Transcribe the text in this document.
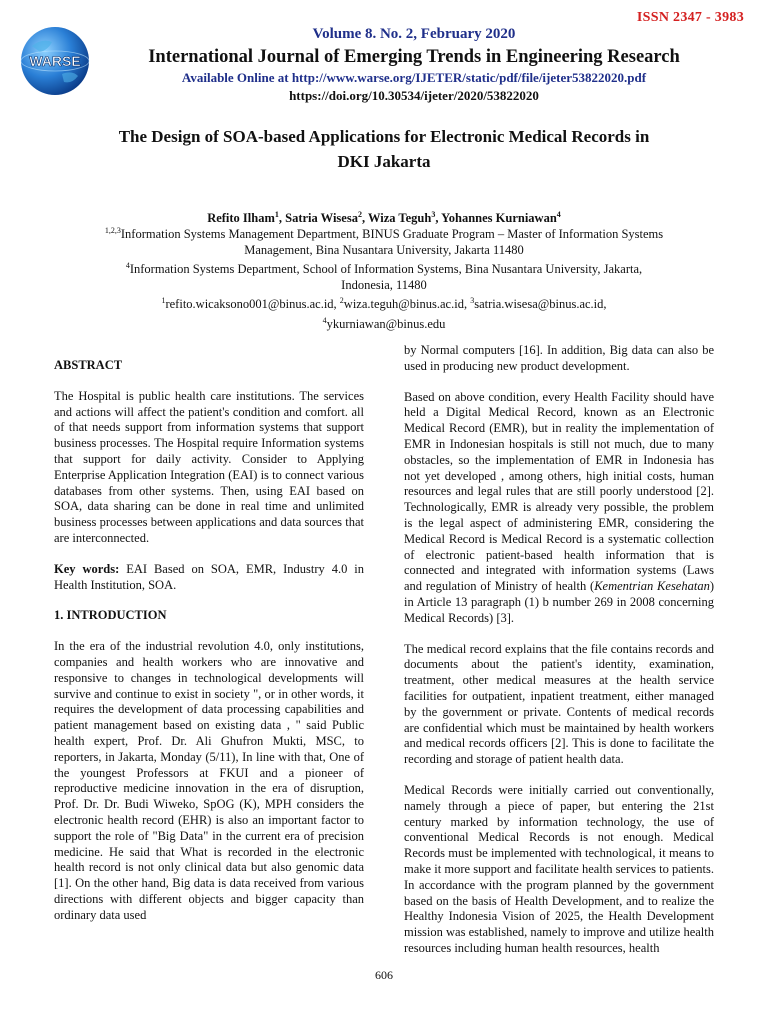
ISSN 2347 - 3983
WARSE
Volume 8. No. 2, February 2020
International Journal of Emerging Trends in Engineering Research
Available Online at http://www.warse.org/IJETER/static/pdf/file/ijeter53822020.pdf
https://doi.org/10.30534/ijeter/2020/53822020
The Design of SOA-based Applications for Electronic Medical Records in
DKI Jakarta
Refito Ilham$^1$, Satria Wisesa$^2$, Wiza Teguh$^3$, Yohannes Kurniawan$^4$
$^{1,2,3}$Information Systems Management Department, BINUS Graduate Program – Master of Information Systems
Management, Bina Nusantara University, Jakarta 11480
$^4$Information Systems Department, School of Information Systems, Bina Nusantara University, Jakarta,
Indonesia, 11480
$^1$refito.wicaksono001@binus.ac.id, $^2$wiza.teguh@binus.ac.id, $^3$satria.wisesa@binus.ac.id,
$^4$ykurniawan@binus.edu
ABSTRACT

The Hospital is public health care institutions. The services and actions will affect the patient's condition and comfort. all of that needs support from information systems that support business processes. The Hospital require Information systems that support for daily activity. Consider to Applying Enterprise Application Integration (EAI) is to connect various databases from other systems. Then, using EAI based on SOA, data sharing can be done in real time and unlimited business processes between applications and data sources that are interconnected.

Key words: EAI Based on SOA, EMR, Industry 4.0 in Health Institution, SOA.

1. INTRODUCTION

In the era of the industrial revolution 4.0, only institutions, companies and health workers who are innovative and responsive to changes in technological developments will survive and continue to exist in society ", or in other words, it requires the development of data processing capabilities and patient management based on existing data , " said Public health expert, Prof. Dr. Ali Ghufron Mukti, MSC, to reporters, in Jakarta, Monday (5/11), In line with that, One of the youngest Professors at FKUI and a pioneer of reproductive medicine innovation in the era of disruption, Prof. Dr. Dr. Budi Wiweko, SpOG (K), MPH considers the electronic health record (EHR) is also an important factor to support the role of "Big Data" in the current era of precision medicine. He said that What is recorded in the electronic health record is not only clinical data but also genomic data [1]. On the other hand, Big data is data received from various directions with different objects and bigger capacity than ordinary data used

by Normal computers [16]. In addition, Big data can also be used in producing new product development.

Based on above condition, every Health Facility should have held a Digital Medical Record, known as an Electronic Medical Record (EMR), but in reality the implementation of EMR in Indonesian hospitals is still not much, due to many obstacles, so the implementation of EMR in Indonesia has not yet developed , among others, high initial costs, human resources and legal rules that are still poorly understood [2]. Technologically, EMR is already very possible, the problem is the legal aspect of administering EMR, considering the Medical Record is Medical Record is a systematic collection of electronic patient-based health information that is connected and integrated with information systems (Laws and regulation of Ministry of health (Kementrian Kesehatan) in Article 13 paragraph (1) b number 269 in 2008 concerning Medical Records) [3].

The medical record explains that the file contains records and documents about the patient's identity, examination, treatment, other medical measures at the health service facilities for outpatient, inpatient treatment, either managed by the government or private. Contents of medical records are confidential which must be maintained by health workers and medical records officers [2]. This is done to facilitate the recording and storage of patient health data.

Medical Records were initially carried out conventionally, namely through a piece of paper, but entering the 21st century marked by information technology, the use of conventional Medical Records is not enough. Medical Records must be implemented with technological, it means to make it more support and facilitate health services to patients. In accordance with the program planned by the government based on the basis of Health Development, and to realize the Healthy Indonesia Vision of 2025, the Health Development mission was established, namely to improve and utilize health resources including human health resources, health

606
